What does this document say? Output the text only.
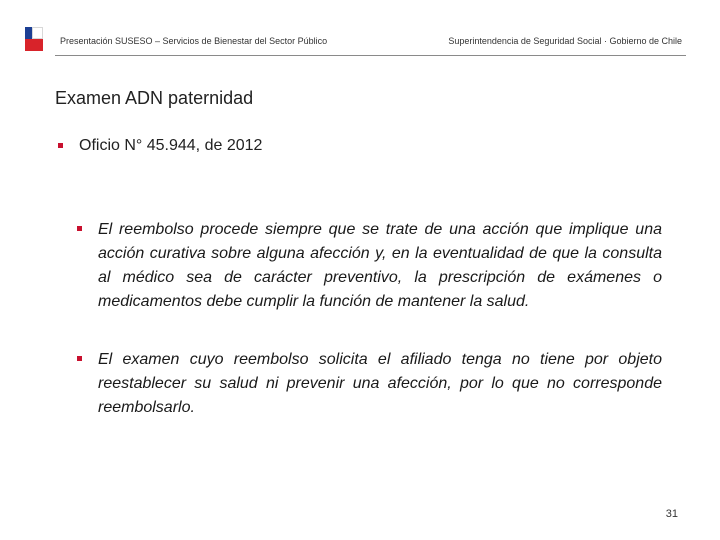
Presentación SUSESO – Servicios de Bienestar del Sector Público	Superintendencia de Seguridad Social · Gobierno de Chile
Examen ADN paternidad
Oficio N° 45.944, de 2012
El reembolso procede siempre que se trate de una acción que implique una acción curativa sobre alguna afección y, en la eventualidad de que la consulta al médico sea de carácter preventivo, la prescripción de exámenes o medicamentos debe cumplir la función de mantener la salud.
El examen cuyo reembolso solicita el afiliado tenga no tiene por objeto reestablecer su salud ni prevenir una afección, por lo que no corresponde reembolsarlo.
31
